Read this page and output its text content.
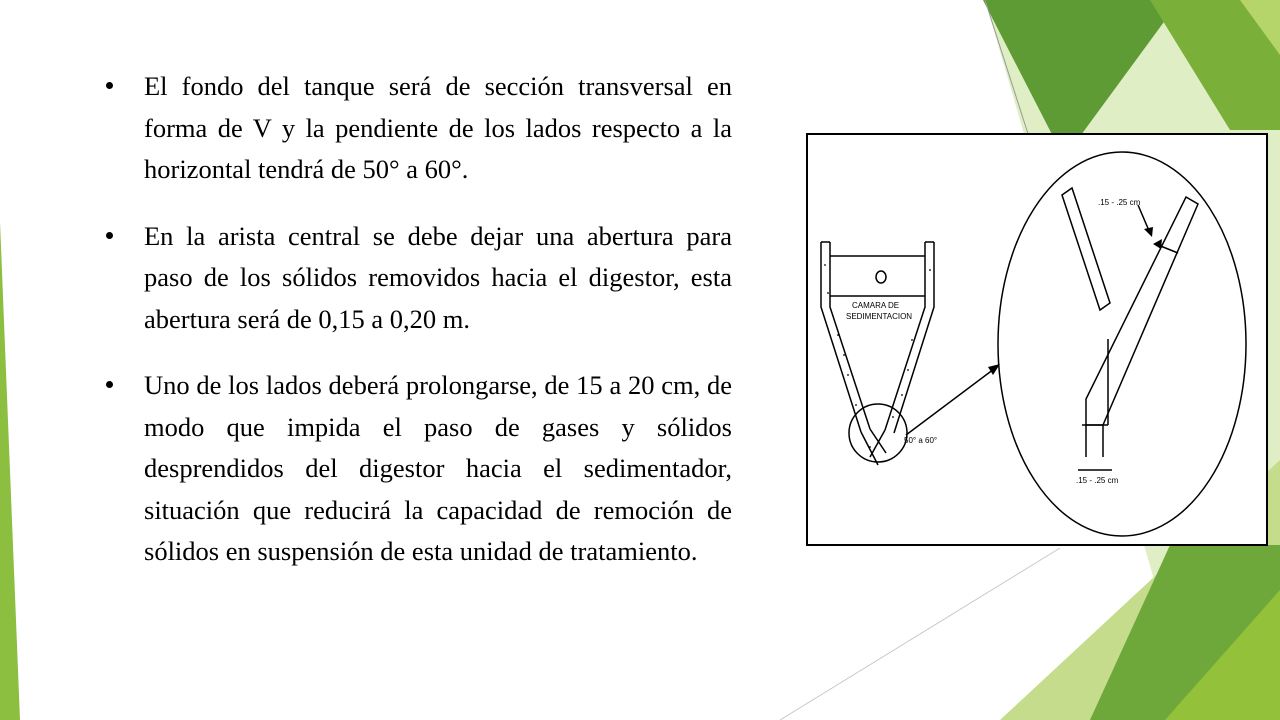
El fondo del tanque será de sección transversal en forma de V y la pendiente de los lados respecto a la horizontal tendrá de 50° a 60°.
En la arista central se debe dejar una abertura para paso de los sólidos removidos hacia el digestor, esta abertura será de 0,15 a 0,20 m.
Uno de los lados deberá prolongarse, de 15 a 20 cm, de modo que impida el paso de gases y sólidos desprendidos del digestor hacia el sedimentador, situación que reducirá la capacidad de remoción de sólidos en suspensión de esta unidad de tratamiento.
CAMARA DE
SEDIMENTACION
50° a 60°
.15 - .25 cm
.15 - .25 cm
